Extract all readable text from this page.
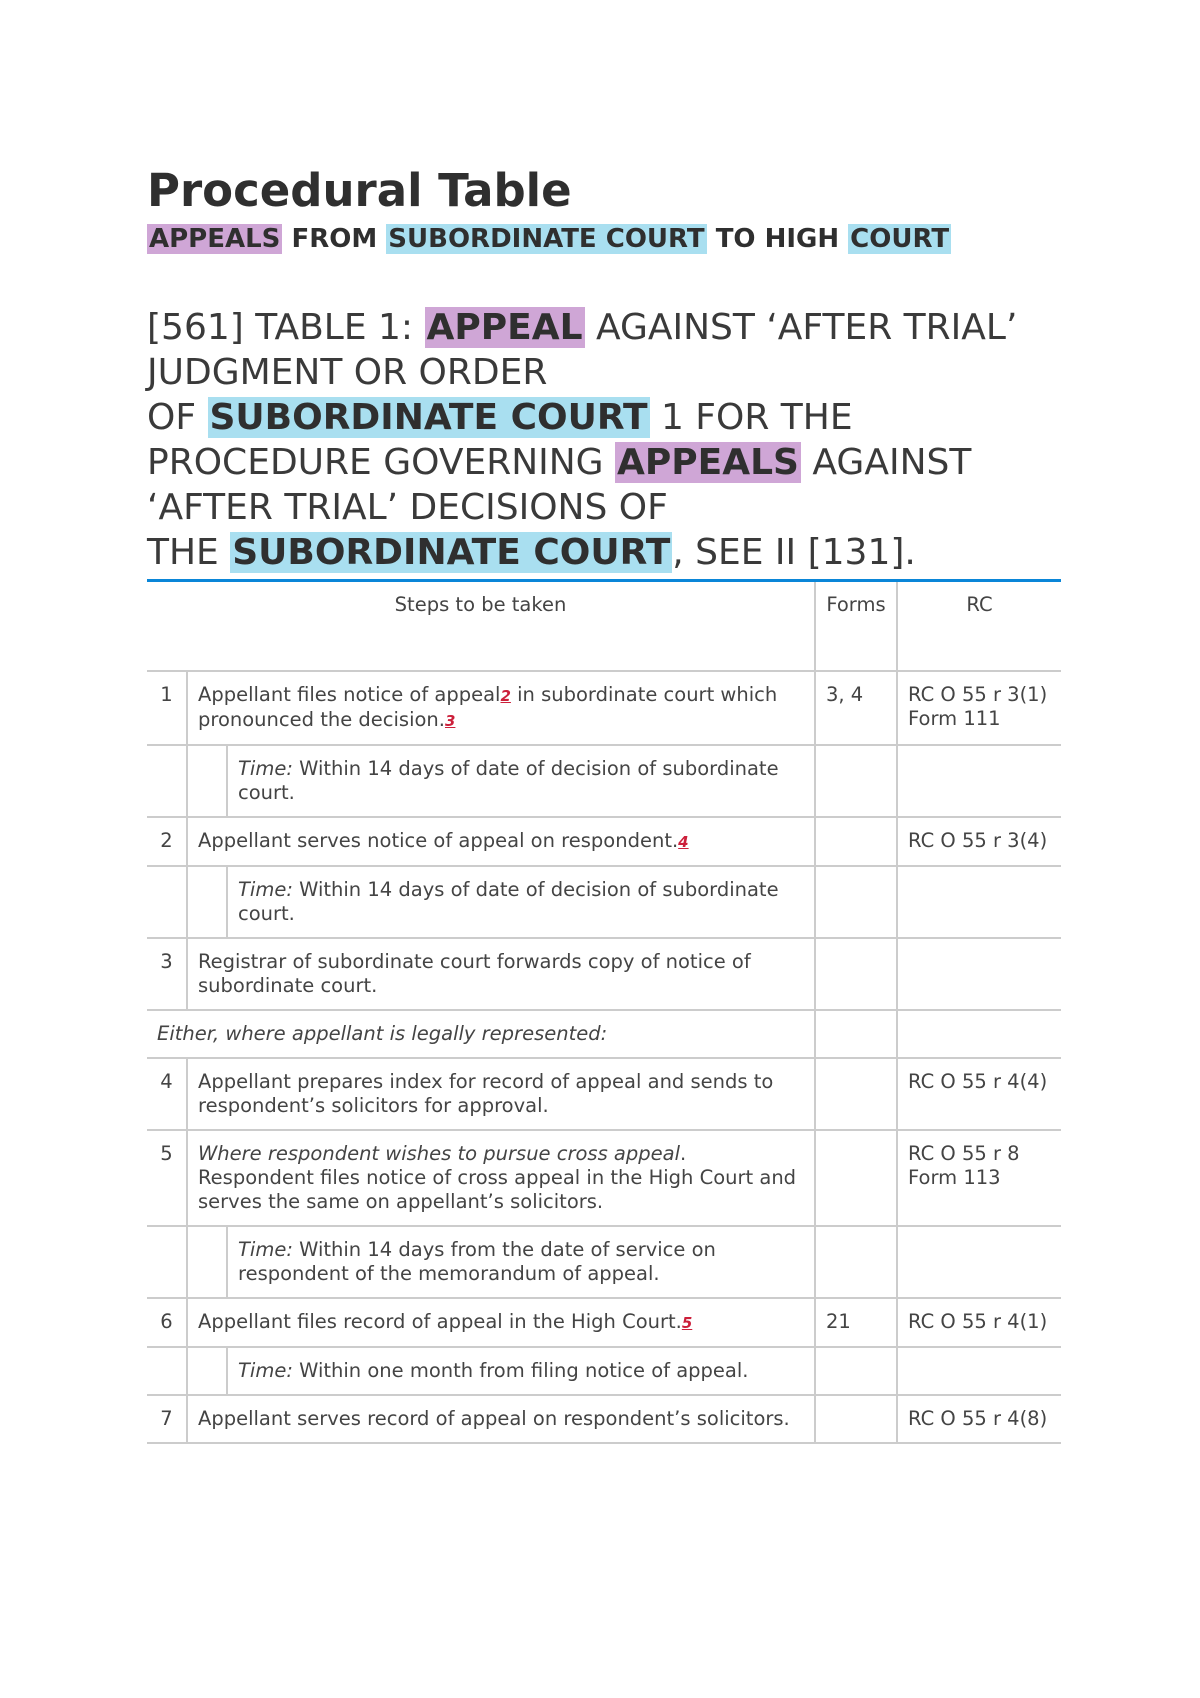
Procedural Table
APPEALS FROM SUBORDINATE COURT TO HIGH COURT
[561] TABLE 1: APPEAL AGAINST ‘AFTER TRIAL’
JUDGMENT OR ORDER
OF SUBORDINATE COURT 1 FOR THE
PROCEDURE GOVERNING APPEALS AGAINST
‘AFTER TRIAL’ DECISIONS OF
THE SUBORDINATE COURT, SEE II [131].
Steps to be taken			Forms	RC
1	Appellant files notice of appeal2 in subordinate court which pronounced the decision.3		3, 4	RC O 55 r 3(1) Form 111
		Time: Within 14 days of date of decision of subordinate court.		
2	Appellant serves notice of appeal on respondent.4			RC O 55 r 3(4)
		Time: Within 14 days of date of decision of subordinate court.		
3	Registrar of subordinate court forwards copy of notice of subordinate court.			
Either, where appellant is legally represented:				
4	Appellant prepares index for record of appeal and sends to respondent’s solicitors for approval.			RC O 55 r 4(4)
5	Where respondent wishes to pursue cross appeal. Respondent files notice of cross appeal in the High Court and serves the same on appellant’s solicitors.			RC O 55 r 8 Form 113
		Time: Within 14 days from the date of service on respondent of the memorandum of appeal.		
6	Appellant files record of appeal in the High Court.5		21	RC O 55 r 4(1)
		Time: Within one month from filing notice of appeal.		
7	Appellant serves record of appeal on respondent’s solicitors.			RC O 55 r 4(8)
